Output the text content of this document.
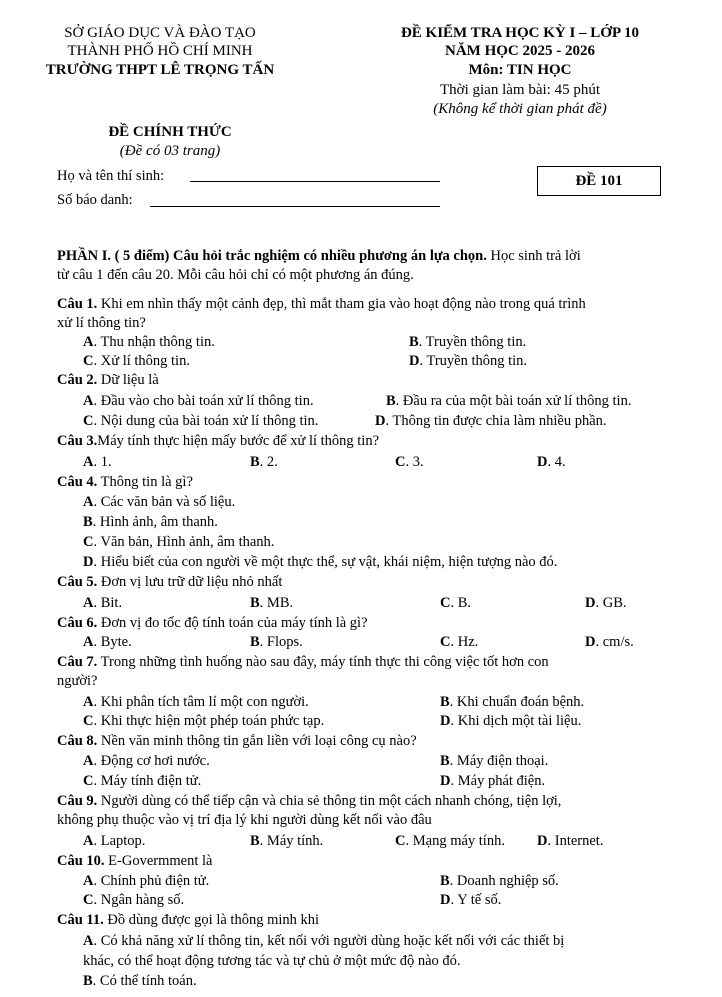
SỞ GIÁO DỤC VÀ ĐÀO TẠO
THÀNH PHỐ HỒ CHÍ MINH
TRƯỜNG THPT LÊ TRỌNG TẤN
ĐỀ KIỂM TRA HỌC KỲ I – LỚP 10
NĂM HỌC 2025 - 2026
Môn: TIN HỌC
Thời gian làm bài: 45 phút
(Không kể thời gian phát đề)
ĐỀ CHÍNH THỨC
(Đề có 03 trang)
Họ và tên thí sinh:
Số báo danh:
ĐỀ 101
PHẦN I. ( 5 điểm) Câu hỏi trắc nghiệm có nhiều phương án lựa chọn. Học sinh trả lời
từ câu 1 đến câu 20. Mỗi câu hỏi chỉ có một phương án đúng.
Câu 1. Khi em nhìn thấy một cảnh đẹp, thì mắt tham gia vào hoạt động nào trong quá trình
xử lí thông tin?
A. Thu nhận thông tin.	B. Truyền thông tin.
C. Xử lí thông tin.	D. Truyền thông tin.
Câu 2. Dữ liệu là
A. Đầu vào cho bài toán xử lí thông tin.	B. Đầu ra của một bài toán xử lí thông tin.
C. Nội dung của bài toán xử lí thông tin.	D. Thông tin được chia làm nhiều phần.
Câu 3.Máy tính thực hiện mấy bước để xử lí thông tin?
A. 1.	B. 2.	C. 3.	D. 4.
Câu 4. Thông tin là gì?
A. Các văn bản và số liệu.
B. Hình ảnh, âm thanh.
C. Văn bản, Hình ảnh, âm thanh.
D. Hiểu biết của con người về một thực thể, sự vật, khái niệm, hiện tượng nào đó.
Câu 5. Đơn vị lưu trữ dữ liệu nhỏ nhất
A. Bit.	B. MB.	C. B.	D. GB.
Câu 6. Đơn vị đo tốc độ tính toán của máy tính là gì?
A. Byte.	B. Flops.	C. Hz.	D. cm/s.
Câu 7. Trong những tình huống nào sau đây, máy tính thực thi công việc tốt hơn con
người?
A. Khi phân tích tâm lí một con người.	B. Khi chuẩn đoán bệnh.
C. Khi thực hiện một phép toán phức tạp.	D. Khi dịch một tài liệu.
Câu 8. Nền văn minh thông tin gắn liền với loại công cụ nào?
A. Động cơ hơi nước.	B. Máy điện thoại.
C. Máy tính điện tử.	D. Máy phát điện.
Câu 9. Người dùng có thể tiếp cận và chia sẻ thông tin một cách nhanh chóng, tiện lợi,
không phụ thuộc vào vị trí địa lý khi người dùng kết nối vào đâu
A. Laptop.	B. Máy tính.	C. Mạng máy tính. D. Internet.
Câu 10. E-Govermment là
A. Chính phủ điện tử.	B. Doanh nghiệp số.
C. Ngân hàng số.	D. Y tế số.
Câu 11. Đồ dùng được gọi là thông minh khi
A. Có khả năng xử lí thông tin, kết nối với người dùng hoặc kết nối với các thiết bị
khác, có thể hoạt động tương tác và tự chủ ở một mức độ nào đó.
B. Có thể tính toán.
